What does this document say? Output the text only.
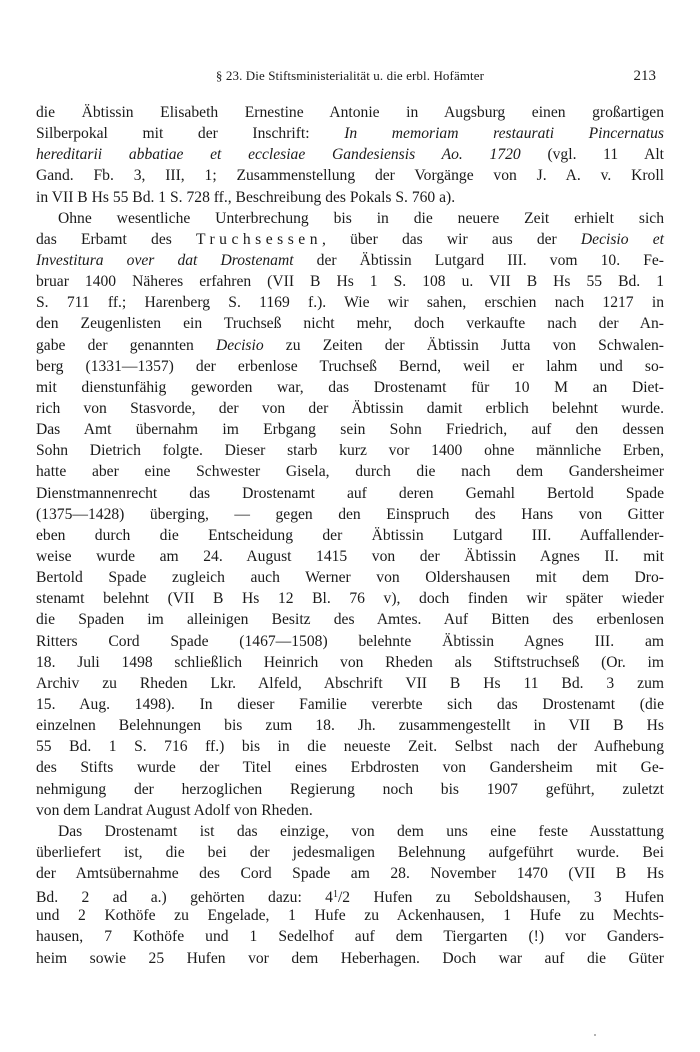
§ 23. Die Stiftsministerialität u. die erbl. Hofämter	213
die Äbtissin Elisabeth Ernestine Antonie in Augsburg einen großartigen
Silberpokal mit der Inschrift: In memoriam restaurati Pincernatus
hereditarii abbatiae et ecclesiae Gandesiensis Ao. 1720 (vgl. 11 Alt
Gand. Fb. 3, III, 1; Zusammenstellung der Vorgänge von J. A. v. Kroll
in VII B Hs 55 Bd. 1 S. 728 ff., Beschreibung des Pokals S. 760 a).
Ohne wesentliche Unterbrechung bis in die neuere Zeit erhielt sich
das Erbamt des Truchsessen, über das wir aus der Decisio et
Investitura over dat Drostenamt der Äbtissin Lutgard III. vom 10. Fe-
bruar 1400 Näheres erfahren (VII B Hs 1 S. 108 u. VII B Hs 55 Bd. 1
S. 711 ff.; Harenberg S. 1169 f.). Wie wir sahen, erschien nach 1217 in
den Zeugenlisten ein Truchseß nicht mehr, doch verkaufte nach der An-
gabe der genannten Decisio zu Zeiten der Äbtissin Jutta von Schwalen-
berg (1331—1357) der erbenlose Truchseß Bernd, weil er lahm und so-
mit dienstunfähig geworden war, das Drostenamt für 10 M an Diet-
rich von Stasvorde, der von der Äbtissin damit erblich belehnt wurde.
Das Amt übernahm im Erbgang sein Sohn Friedrich, auf den dessen
Sohn Dietrich folgte. Dieser starb kurz vor 1400 ohne männliche Erben,
hatte aber eine Schwester Gisela, durch die nach dem Gandersheimer
Dienstmannenrecht das Drostenamt auf deren Gemahl Bertold Spade
(1375—1428) überging, — gegen den Einspruch des Hans von Gitter
eben durch die Entscheidung der Äbtissin Lutgard III. Auffallender-
weise wurde am 24. August 1415 von der Äbtissin Agnes II. mit
Bertold Spade zugleich auch Werner von Oldershausen mit dem Dro-
stenamt belehnt (VII B Hs 12 Bl. 76 v), doch finden wir später wieder
die Spaden im alleinigen Besitz des Amtes. Auf Bitten des erbenlosen
Ritters Cord Spade (1467—1508) belehnte Äbtissin Agnes III. am
18. Juli 1498 schließlich Heinrich von Rheden als Stiftstruchseß (Or. im
Archiv zu Rheden Lkr. Alfeld, Abschrift VII B Hs 11 Bd. 3 zum
15. Aug. 1498). In dieser Familie vererbte sich das Drostenamt (die
einzelnen Belehnungen bis zum 18. Jh. zusammengestellt in VII B Hs
55 Bd. 1 S. 716 ff.) bis in die neueste Zeit. Selbst nach der Aufhebung
des Stifts wurde der Titel eines Erbdrosten von Gandersheim mit Ge-
nehmigung der herzoglichen Regierung noch bis 1907 geführt, zuletzt
von dem Landrat August Adolf von Rheden.
Das Drostenamt ist das einzige, von dem uns eine feste Ausstattung
überliefert ist, die bei der jedesmaligen Belehnung aufgeführt wurde. Bei
der Amtsübernahme des Cord Spade am 28. November 1470 (VII B Hs
Bd. 2 ad a.) gehörten dazu: $4^1/2$ Hufen zu Seboldshausen, 3 Hufen
und 2 Kothöfe zu Engelade, 1 Hufe zu Ackenhausen, 1 Hufe zu Mechts-
hausen, 7 Kothöfe und 1 Sedelhof auf dem Tiergarten (!) vor Ganders-
heim sowie 25 Hufen vor dem Heberhagen. Doch war auf die Güter
